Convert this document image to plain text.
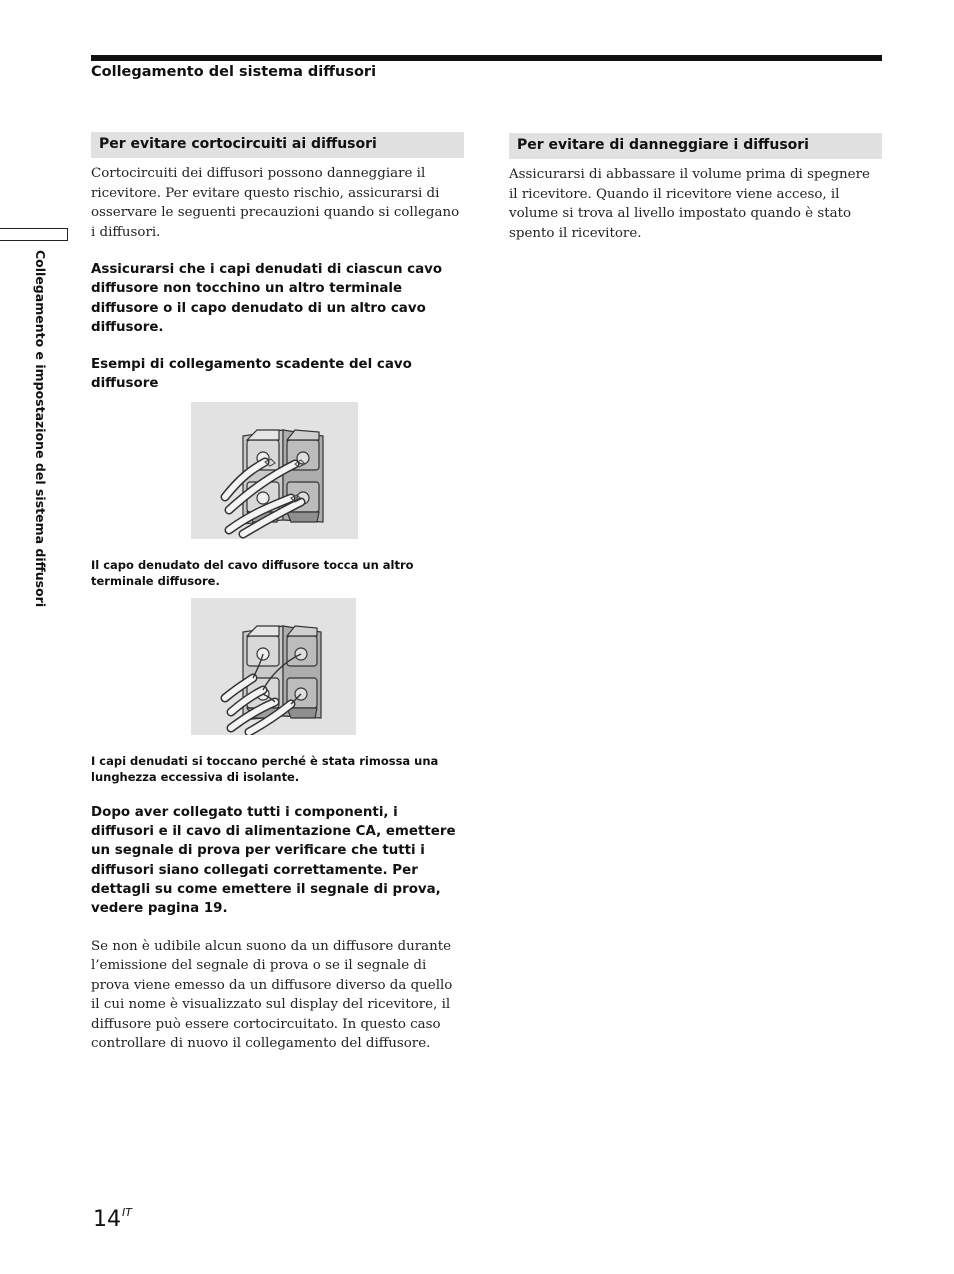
Collegamento del sistema diffusori
Collegamento e impostazione del sistema diffusori
Per evitare cortocircuiti ai diffusori

Cortocircuiti dei diffusori possono danneggiare il ricevitore. Per evitare questo rischio, assicurarsi di osservare le seguenti precauzioni quando si collegano i diffusori.

Assicurarsi che i capi denudati di ciascun cavo diffusore non tocchino un altro terminale diffusore o il capo denudato di un altro cavo diffusore.

Esempi di collegamento scadente del cavo diffusore

Il capo denudato del cavo diffusore tocca un altro terminale diffusore.

I capi denudati si toccano perché è stata rimossa una lunghezza eccessiva di isolante.

Dopo aver collegato tutti i componenti, i diffusori e il cavo di alimentazione CA, emettere un segnale di prova per verificare che tutti i diffusori siano collegati correttamente. Per dettagli su come emettere il segnale di prova, vedere pagina 19.

Se non è udibile alcun suono da un diffusore durante l’emissione del segnale di prova o se il segnale di prova viene emesso da un diffusore diverso da quello il cui nome è visualizzato sul display del ricevitore, il diffusore può essere cortocircuitato. In questo caso controllare di nuovo il collegamento del diffusore.

Per evitare di danneggiare i diffusori

Assicurarsi di abbassare il volume prima di spegnere il ricevitore. Quando il ricevitore viene acceso, il volume si trova al livello impostato quando è stato spento il ricevitore.

$14^{IT}$
